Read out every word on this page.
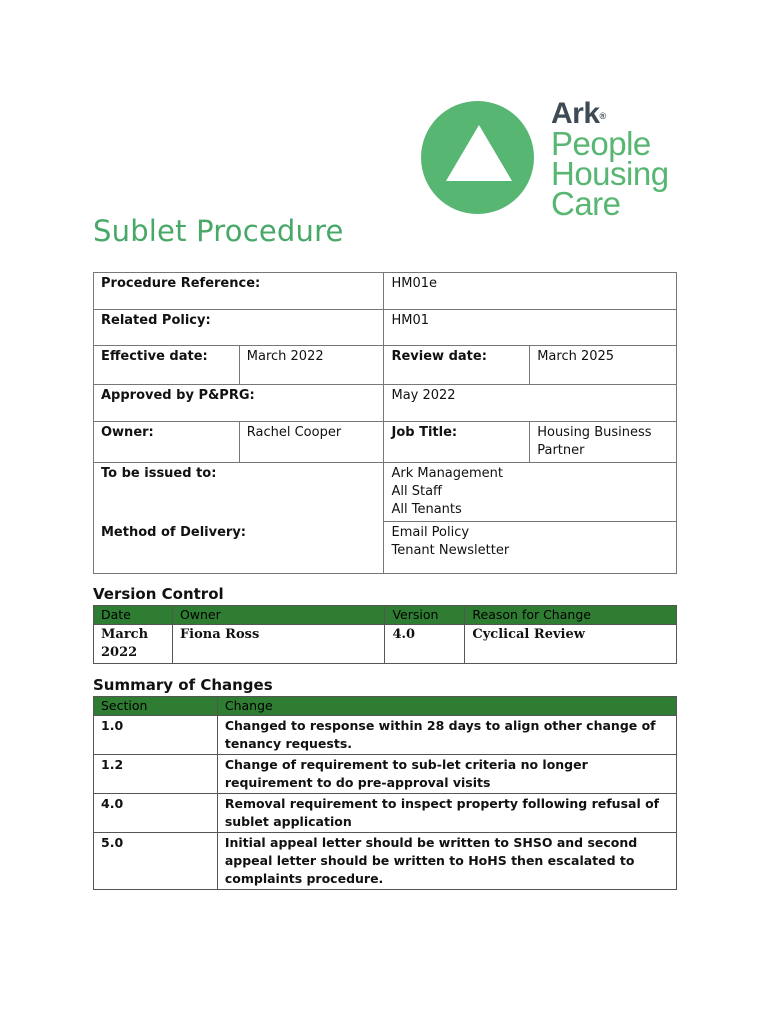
Ark®
People
Housing
Care
Sublet Procedure
Procedure Reference:		HM01e	
Related Policy:		HM01	
Effective date:	March 2022	Review date:	March 2025
Approved by P&PRG:		May 2022	
Owner:	Rachel Cooper	Job Title:	Housing Business Partner
To be issued to:		Ark Management
All Staff
All Tenants	

Method of Delivery:		Email Policy
Tenant Newsletter	
Version Control
Date	Owner	Version	Reason for Change
March 2022	Fiona Ross	4.0	Cyclical Review
Summary of Changes
Section	Change
1.0	Changed to response within 28 days to align other change of tenancy requests.
1.2	Change of requirement to sub-let criteria no longer requirement to do pre-approval visits
4.0	Removal requirement to inspect property following refusal of sublet application
5.0	Initial appeal letter should be written to SHSO and second appeal letter should be written to HoHS then escalated to complaints procedure.
